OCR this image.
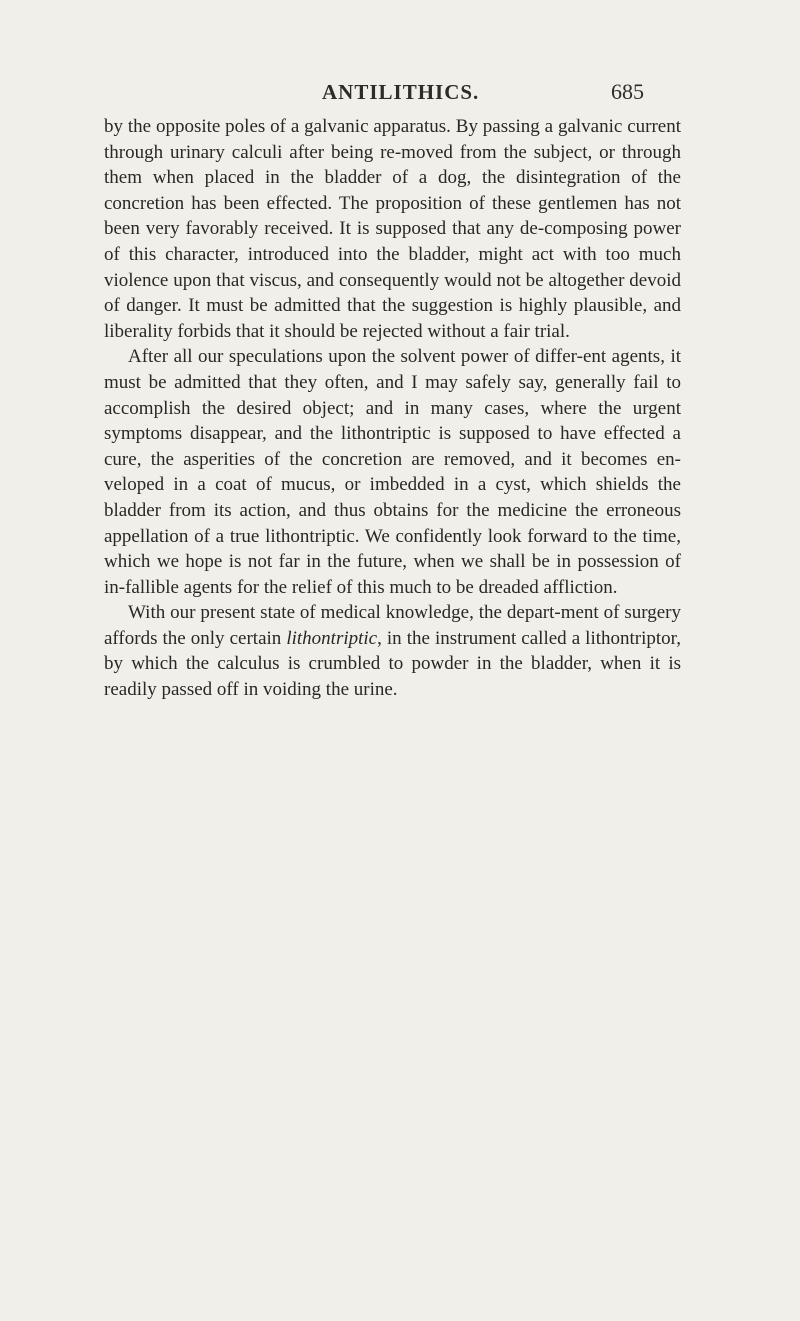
ANTILITHICS.	685

by the opposite poles of a galvanic apparatus. By passing a galvanic current through urinary calculi after being re-moved from the subject, or through them when placed in the bladder of a dog, the disintegration of the concretion has been effected. The proposition of these gentlemen has not been very favorably received. It is supposed that any de-composing power of this character, introduced into the bladder, might act with too much violence upon that viscus, and consequently would not be altogether devoid of danger. It must be admitted that the suggestion is highly plausible, and liberality forbids that it should be rejected without a fair trial.

After all our speculations upon the solvent power of differ-ent agents, it must be admitted that they often, and I may safely say, generally fail to accomplish the desired object; and in many cases, where the urgent symptoms disappear, and the lithontriptic is supposed to have effected a cure, the asperities of the concretion are removed, and it becomes en-veloped in a coat of mucus, or imbedded in a cyst, which shields the bladder from its action, and thus obtains for the medicine the erroneous appellation of a true lithontriptic. We confidently look forward to the time, which we hope is not far in the future, when we shall be in possession of in-fallible agents for the relief of this much to be dreaded affliction.

With our present state of medical knowledge, the depart-ment of surgery affords the only certain lithontriptic, in the instrument called a lithontriptor, by which the calculus is crumbled to powder in the bladder, when it is readily passed off in voiding the urine.
